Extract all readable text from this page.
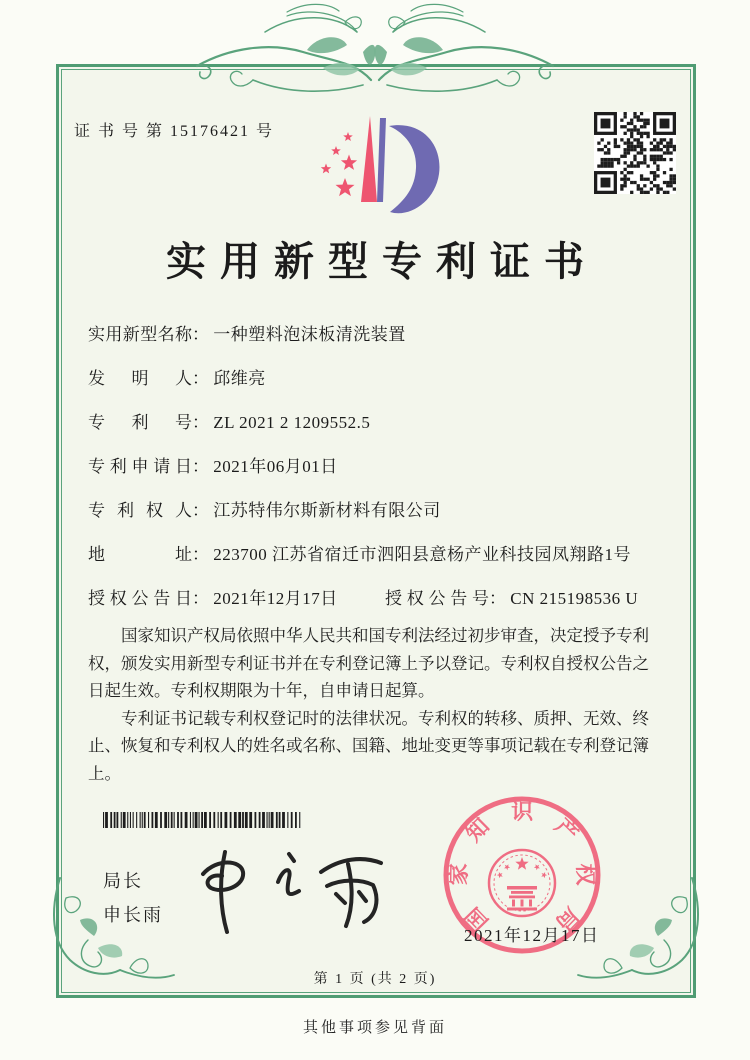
证 书 号 第 15176421 号
实用新型专利证书
实用新型名称： 一种塑料泡沫板清洗装置
发明人： 邱维亮
专利号： ZL 2021 2 1209552.5
专利申请日： 2021年06月01日
专利权人： 江苏特伟尔斯新材料有限公司
地址： 223700 江苏省宿迁市泗阳县意杨产业科技园凤翔路1号
授权公告日： 2021年12月17日	授权公告号： CN 215198536 U

国家知识产权局依照中华人民共和国专利法经过初步审查，决定授予专利权，颁发实用新型专利证书并在专利登记簿上予以登记。专利权自授权公告之日起生效。专利权期限为十年，自申请日起算。

专利证书记载专利权登记时的法律状况。专利权的转移、质押、无效、终止、恢复和专利权人的姓名或名称、国籍、地址变更等事项记载在专利登记簿上。

局长
申长雨	国
家
知
识
产
权
局
2021年12月17日
第 1 页 (共 2 页)
其他事项参见背面
